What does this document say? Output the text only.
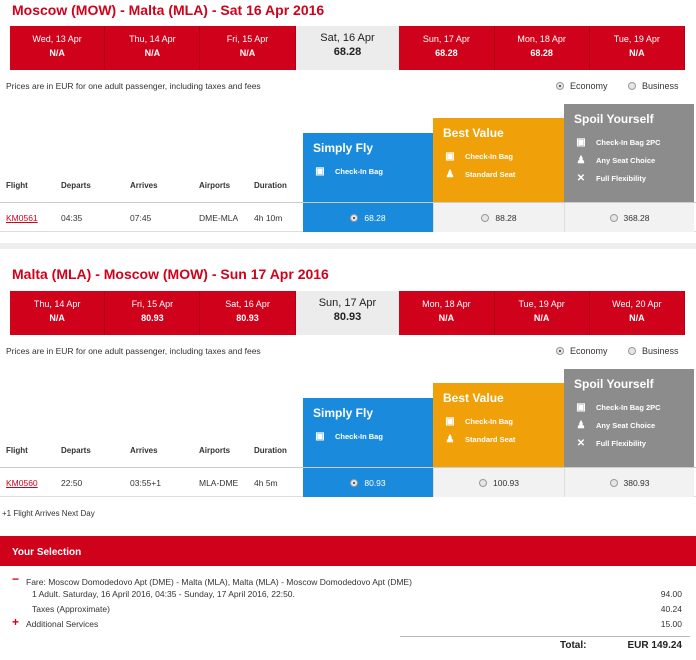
Moscow (MOW) - Malta (MLA) - Sat 16 Apr 2016
Wed, 13 Apr
N/A
Thu, 14 Apr
N/A
Fri, 15 Apr
N/A
Sat, 16 Apr
68.28
Sun, 17 Apr
68.28
Mon, 18 Apr
68.28
Tue, 19 Apr
N/A
Prices are in EUR for one adult passenger, including taxes and fees	Economy	Business
Simply Fly
▣	Check-In Bag
Best Value
▣	Check-In Bag
♟	Standard Seat
Spoil Yourself
▣	Check-In Bag 2PC
♟	Any Seat Choice
✕	Full Flexibility
Flight	Departs	Arrives	Airports	Duration
KM0561	04:35	07:45	DME-MLA 4h 10m	68.28	88.28	368.28
Malta (MLA) - Moscow (MOW) - Sun 17 Apr 2016
Thu, 14 Apr
N/A
Fri, 15 Apr
80.93
Sat, 16 Apr
80.93
Sun, 17 Apr
80.93
Mon, 18 Apr
N/A
Tue, 19 Apr
N/A
Wed, 20 Apr
N/A
Prices are in EUR for one adult passenger, including taxes and fees	Economy	Business
Simply Fly
▣	Check-In Bag
Best Value
▣	Check-In Bag
♟	Standard Seat
Spoil Yourself
▣	Check-In Bag 2PC
♟	Any Seat Choice
✕	Full Flexibility
Flight	Departs	Arrives	Airports	Duration
KM0560	22:50	03:55+1	MLA-DME 4h 5m	80.93	100.93	380.93
+1 Flight Arrives Next Day
Your Selection
− Fare: Moscow Domodedovo Apt (DME) - Malta (MLA), Malta (MLA) - Moscow Domodedovo Apt (DME)
1 Adult. Saturday, 16 April 2016, 04:35 - Sunday, 17 April 2016, 22:50.	94.00
Taxes (Approximate)	40.24
+ Additional Services	15.00
Total:	EUR 149.24
